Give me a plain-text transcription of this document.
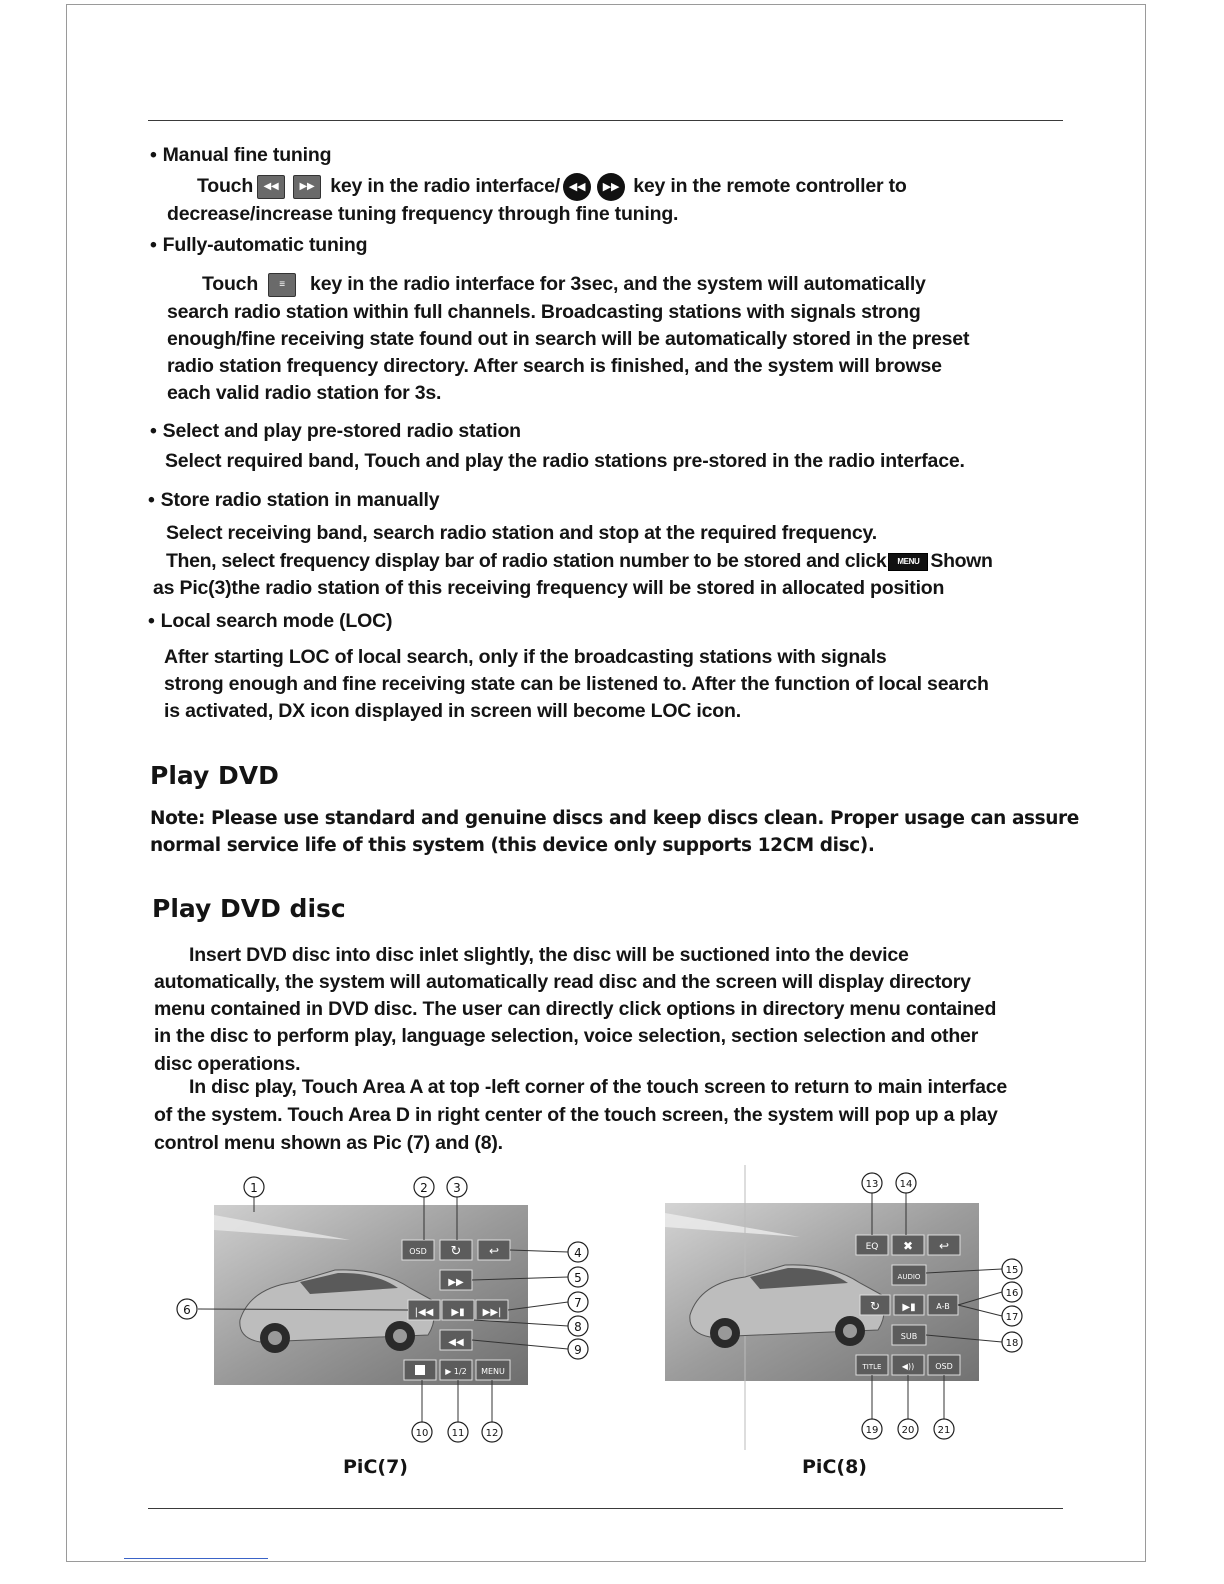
• Manual fine tuning
Touch ◀◀ ▶▶ key in the radio interface/ ◀◀ ▶▶ key in the remote controller to
decrease/increase tuning frequency through fine tuning.
• Fully-automatic tuning
Touch ≡ key in the radio interface for 3sec, and the system will automatically
search radio station within full channels. Broadcasting stations with signals strong
enough/fine receiving state found out in search will be automatically stored in the preset
radio station frequency directory. After search is finished, and the system will browse
each valid radio station for 3s.
• Select and play pre-stored radio station
Select required band, Touch and play the radio stations pre-stored in the radio interface.
• Store radio station in manually
Select receiving band, search radio station and stop at the required frequency.
Then, select frequency display bar of radio station number to be stored and click MENU Shown
as Pic(3)the radio station of this receiving frequency will be stored in allocated position
• Local search mode (LOC)
After starting LOC of local search, only if the broadcasting stations with signals
strong enough and fine receiving state can be listened to. After the function of local search
is activated, DX icon displayed in screen will become LOC icon.
Play DVD
Note: Please use standard and genuine discs and keep discs clean. Proper usage can assure
normal service life of this system (this device only supports 12CM disc).
Play DVD disc
Insert DVD disc into disc inlet slightly, the disc will be suctioned into the device
automatically, the system will automatically read disc and the screen will display directory
menu contained in DVD disc. The user can directly click options in directory menu contained
in the disc to perform play, language selection, voice selection, section selection and other
disc operations.
In disc play, Touch Area A at top -left corner of the touch screen to return to main interface
of the system. Touch Area D in right center of the touch screen, the system will pop up a play
control menu shown as Pic (7) and (8).
OSD ↻ ↩
▶▶
|◀◀ ▶▮ ▶▶|
◀◀
▶ 1/2 MENU
1	2 3
4
5
6	7
8
9
10 11 12
PiC(7)
EQ ✖ ↩
AUDIO
↻ ▶▮	A-B
SUB
TITLE	◀))	OSD
13 14
15
16
17
18
19 20 21
PiC(8)
